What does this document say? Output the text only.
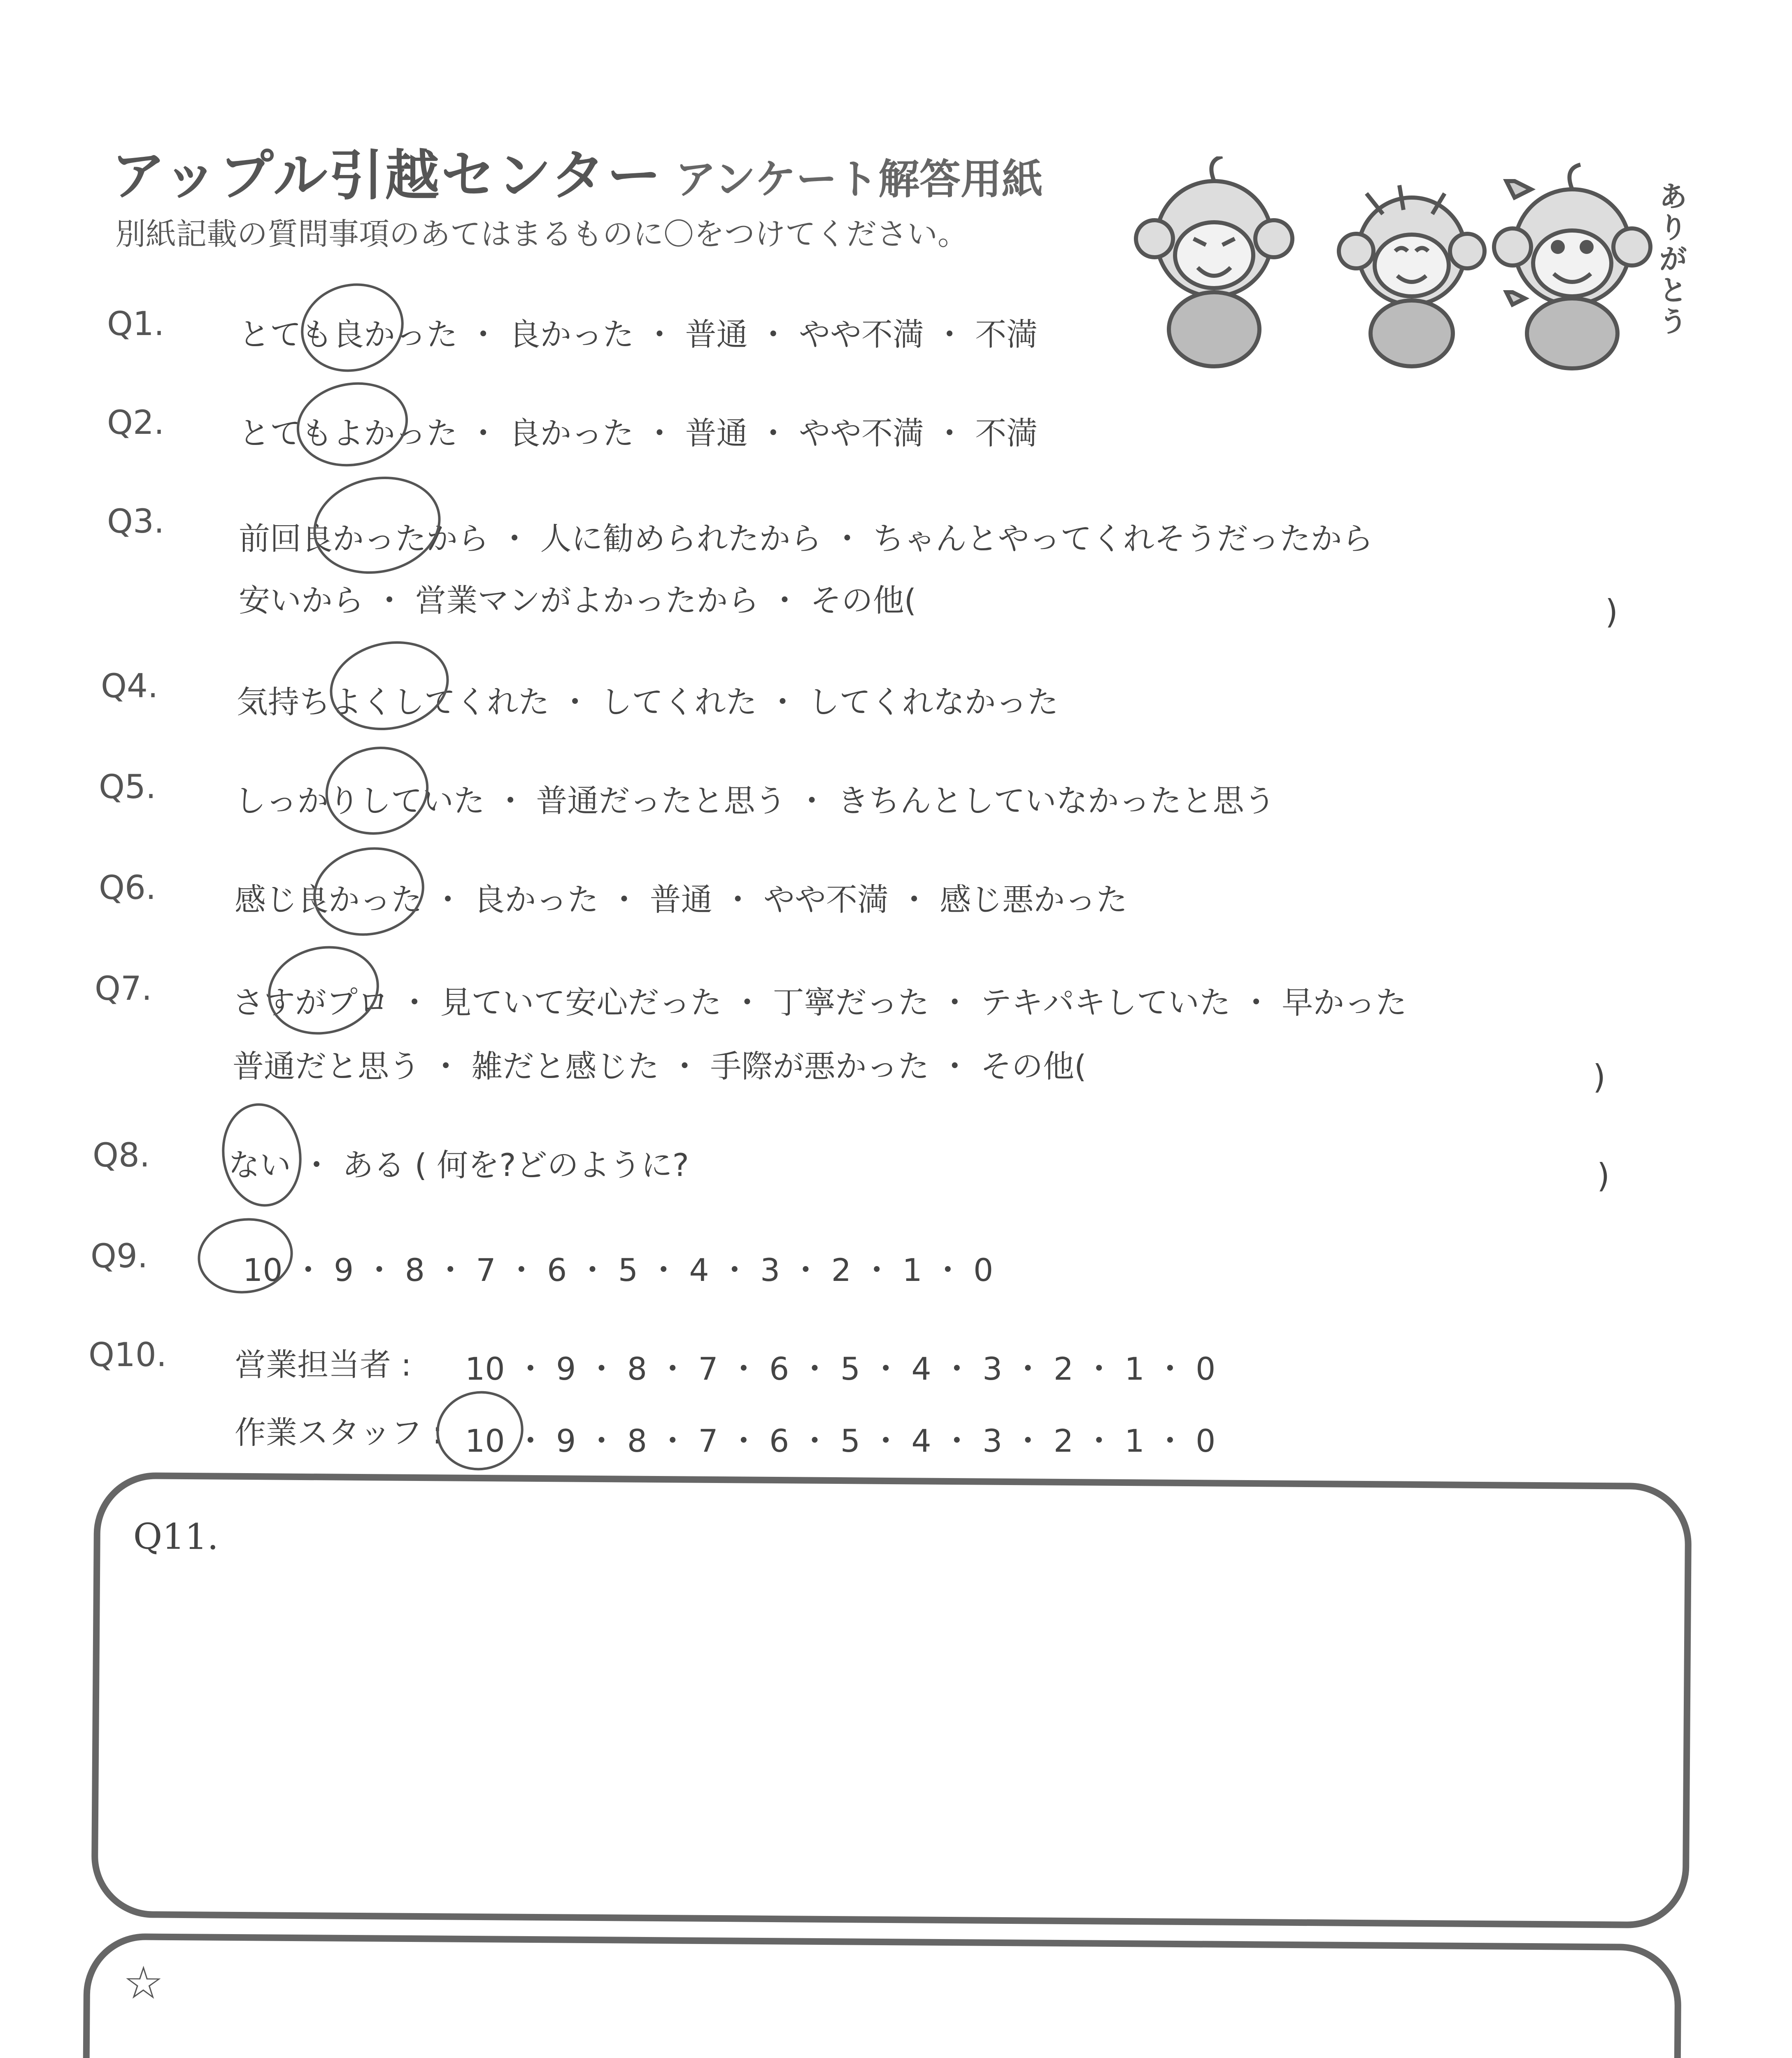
アップル引越センター アンケート解答用紙
別紙記載の質問事項のあてはまるものに〇をつけてください。	ありがとう
Q1. とても良かった ・ 良かった ・ 普通 ・ やや不満 ・ 不満
Q2. とてもよかった ・ 良かった ・ 普通 ・ やや不満 ・ 不満
Q3. 前回良かったから ・ 人に勧められたから ・ ちゃんとやってくれそうだったから
安いから ・ 営業マンがよかったから ・ その他(	)
Q4.	気持ちよくしてくれた ・ してくれた ・ してくれなかった
Q5.	しっかりしていた ・ 普通だったと思う ・ きちんとしていなかったと思う
Q6.	感じ良かった ・ 良かった ・ 普通 ・ やや不満 ・ 感じ悪かった
Q7.	さすがプロ ・ 見ていて安心だった ・ 丁寧だった ・ テキパキしていた ・ 早かった
普通だと思う ・ 雑だと感じた ・ 手際が悪かった ・ その他(	)
Q8.	ない ・ ある ( 何を?どのように?	)
Q9.	10 ・ 9 ・ 8 ・ 7 ・ 6 ・ 5 ・ 4 ・ 3 ・ 2 ・ 1 ・ 0
Q10. 営業担当者 : 10 ・ 9 ・ 8 ・ 7 ・ 6 ・ 5 ・ 4 ・ 3 ・ 2 ・ 1 ・ 0
作業スタッフ : 10 ・ 9 ・ 8 ・ 7 ・ 6 ・ 5 ・ 4 ・ 3 ・ 2 ・ 1 ・ 0
Q11.
☆
